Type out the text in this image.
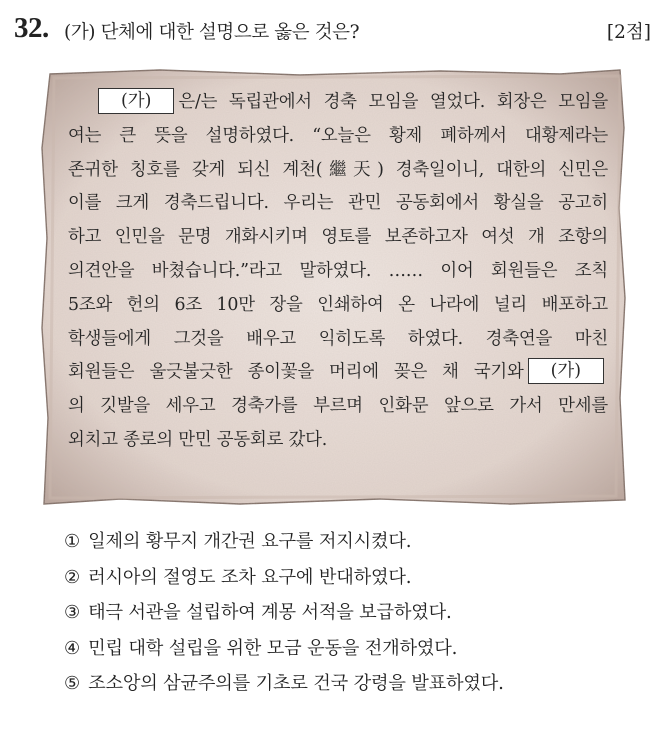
32. (가) 단체에 대한 설명으로 옳은 것은?	[2점]
(가) 은/는 독립관에서 경축 모임을 열었다. 회장은 모임을
여는 큰 뜻을 설명하였다. “오늘은 황제 폐하께서 대황제라는
존귀한 칭호를 갖게 되신 계천(繼天) 경축일이니, 대한의 신민은
이를 크게 경축드립니다. 우리는 관민 공동회에서 황실을 공고히
하고 인민을 문명 개화시키며 영토를 보존하고자 여섯 개 조항의
의견안을 바쳤습니다.”라고 말하였다. …… 이어 회원들은 조칙
5조와 헌의 6조 10만 장을 인쇄하여 온 나라에 널리 배포하고
학생들에게 그것을 배우고 익히도록 하였다. 경축연을 마친
회원들은 울긋불긋한 종이꽃을 머리에 꽂은 채 국기와 (가)
의 깃발을 세우고 경축가를 부르며 인화문 앞으로 가서 만세를
외치고 종로의 만민 공동회로 갔다.
① 일제의 황무지 개간권 요구를 저지시켰다.
② 러시아의 절영도 조차 요구에 반대하였다.
③ 태극 서관을 설립하여 계몽 서적을 보급하였다.
④ 민립 대학 설립을 위한 모금 운동을 전개하였다.
⑤ 조소앙의 삼균주의를 기초로 건국 강령을 발표하였다.
